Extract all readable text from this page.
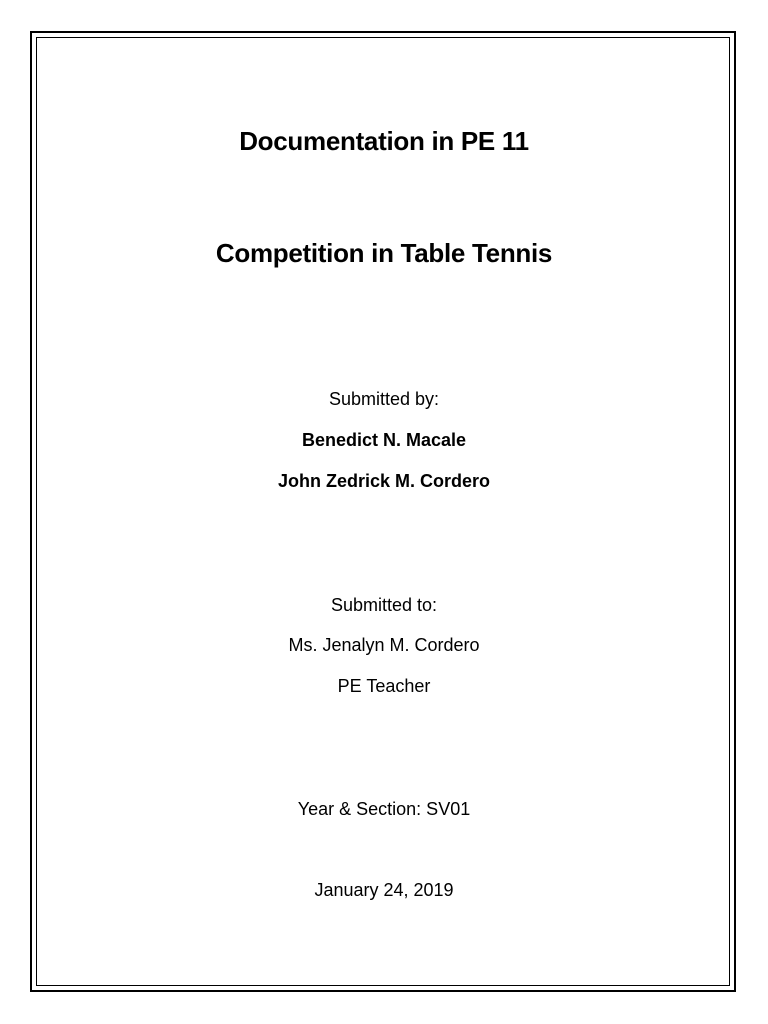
Documentation in PE 11
Competition in Table Tennis
Submitted by:
Benedict N. Macale
John Zedrick M. Cordero
Submitted to:
Ms. Jenalyn M. Cordero
PE Teacher
Year & Section: SV01
January 24, 2019
